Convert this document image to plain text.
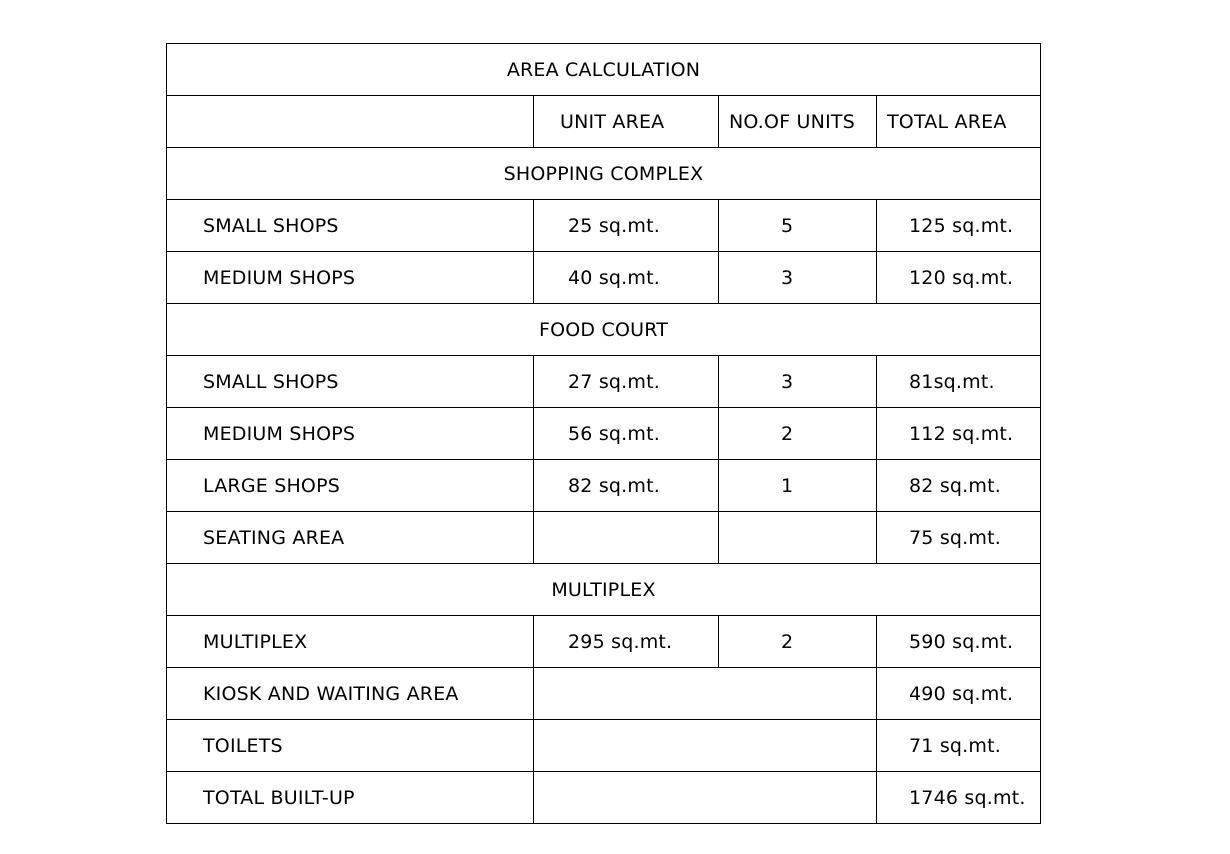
AREA CALCULATION			
	UNIT AREA	NO.OF UNITS	TOTAL AREA
SHOPPING COMPLEX			
SMALL SHOPS	25 sq.mt.	5	125 sq.mt.
MEDIUM SHOPS	40 sq.mt.	3	120 sq.mt.
FOOD COURT			
SMALL SHOPS	27 sq.mt.	3	81sq.mt.
MEDIUM SHOPS	56 sq.mt.	2	112 sq.mt.
LARGE SHOPS	82 sq.mt.	1	82 sq.mt.
SEATING AREA			75 sq.mt.
MULTIPLEX			
MULTIPLEX	295 sq.mt.	2	590 sq.mt.
KIOSK AND WAITING AREA			490 sq.mt.
TOILETS			71 sq.mt.
TOTAL BUILT-UP			1746 sq.mt.
